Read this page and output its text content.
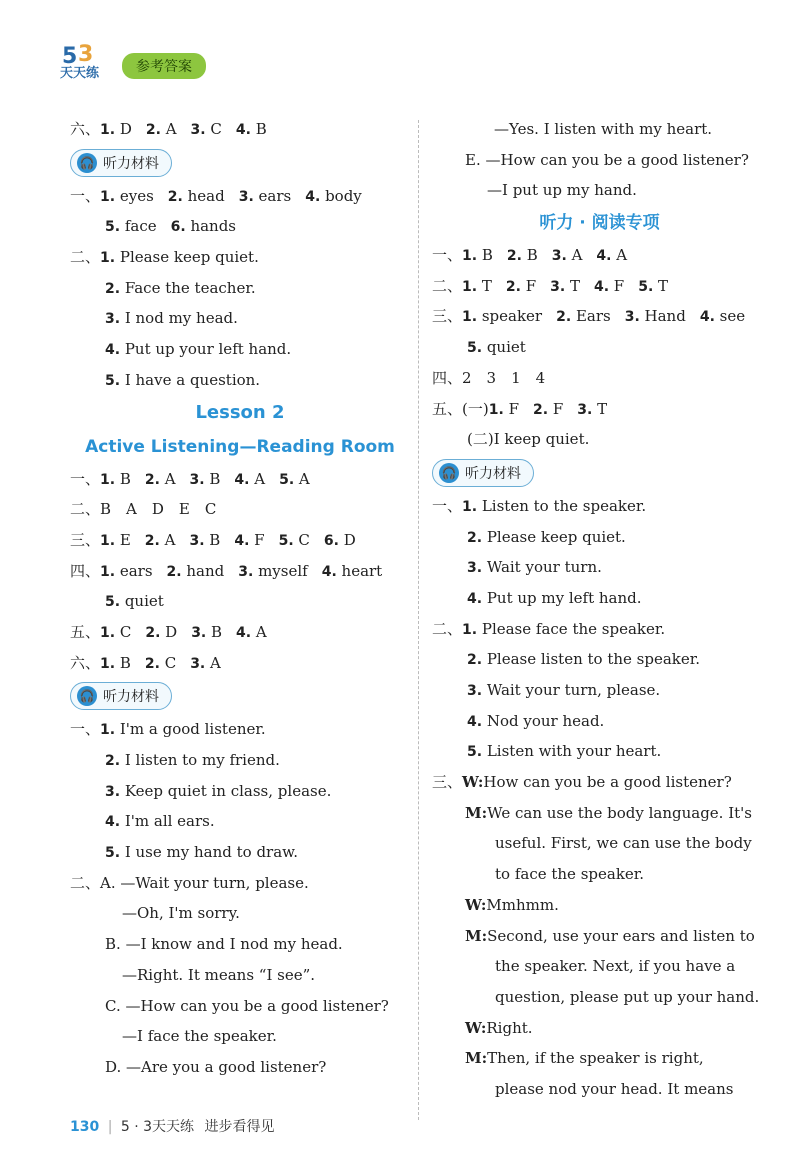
5 3
天天练	参考答案
六、1. D 2. A 3. C 4. B
🎧 听力材料
一、1. eyes 2. head 3. ears 4. body
5. face 6. hands
二、1. Please keep quiet.
2. Face the teacher.
3. I nod my head.
4. Put up your left hand.
5. I have a question.
Lesson 2
Active Listening—Reading Room
一、1. B 2. A 3. B 4. A 5. A
二、B　A　D　E　C
三、1. E 2. A 3. B 4. F 5. C 6. D
四、1. ears 2. hand 3. myself 4. heart
5. quiet
五、1. C 2. D 3. B 4. A
六、1. B 2. C 3. A
🎧 听力材料
一、1. I'm a good listener.
2. I listen to my friend.
3. Keep quiet in class, please.
4. I'm all ears.
5. I use my hand to draw.
二、A. —Wait your turn, please.
—Oh, I'm sorry.
B. —I know and I nod my head.
—Right. It means “I see”.
C. —How can you be a good listener?
—I face the speaker.
D. —Are you a good listener?
—Yes. I listen with my heart.
E. —How can you be a good listener?
—I put up my hand.
听力 · 阅读专项
一、1. B 2. B 3. A 4. A
二、1. T 2. F 3. T 4. F 5. T
三、1. speaker 2. Ears 3. Hand 4. see
5. quiet
四、2　3　1　4
五、(一)1. F 2. F 3. T
(二)I keep quiet.
🎧 听力材料
一、1. Listen to the speaker.
2. Please keep quiet.
3. Wait your turn.
4. Put up my left hand.
二、1. Please face the speaker.
2. Please listen to the speaker.
3. Wait your turn, please.
4. Nod your head.
5. Listen with your heart.
三、W:How can you be a good listener?
M:We can use the body language. It's
useful. First, we can use the body
to face the speaker.
W:Mmhmm.
M:Second, use your ears and listen to
the speaker. Next, if you have a
question, please put up your hand.
W:Right.
M:Then, if the speaker is right,
please nod your head. It means
130 | 5 · 3天天练 进步看得见
